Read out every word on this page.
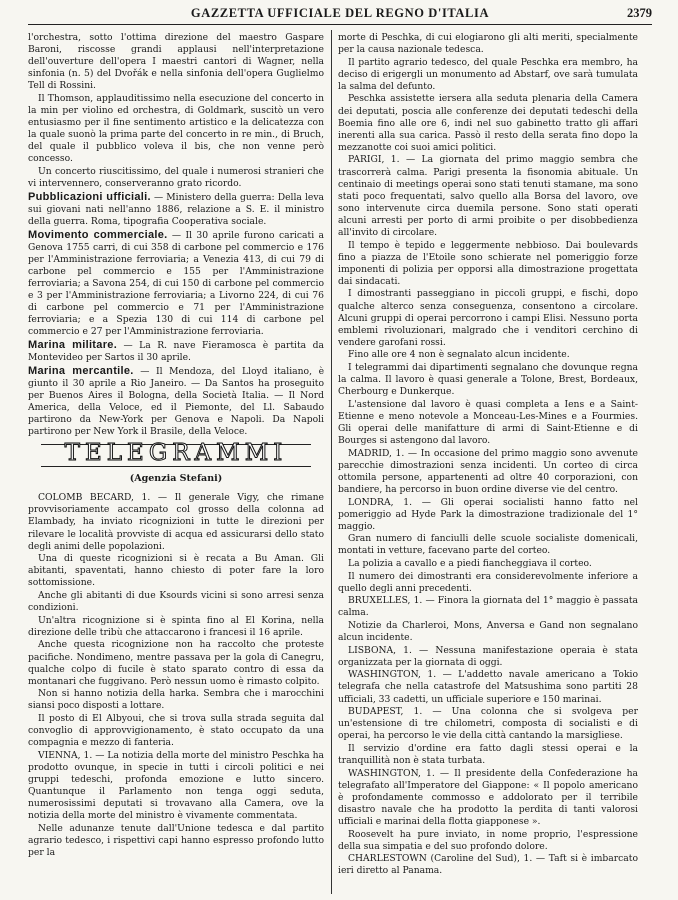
GAZZETTA UFFICIALE DEL REGNO D'ITALIA	2379

l'orchestra, sotto l'ottima direzione del maestro Gaspare Baroni, riscosse grandi applausi nell'interpretazione dell'ouverture dell'opera I maestri cantori di Wagner, nella sinfonia (n. 5) del Dvořák e nella sinfonia dell'opera Guglielmo Tell di Rossini.

Il Thomson, applauditissimo nella esecuzione del concerto in la min per violino ed orchestra, di Goldmark, suscitò un vero entusiasmo per il fine sentimento artistico e la delicatezza con la quale suonò la prima parte del concerto in re min., di Bruch, del quale il pubblico voleva il bis, che non venne però concesso.

Un concerto riuscitissimo, del quale i numerosi stranieri che vi intervennero, conserveranno grato ricordo.

Pubblicazioni ufficiali. — Ministero della guerra: Della leva sui giovani nati nell'anno 1886, relazione a S. E. il ministro della guerra. Roma, tipografia Cooperativa sociale.

Movimento commerciale. — Il 30 aprile furono caricati a Genova 1755 carri, di cui 358 di carbone pel commercio e 176 per l'Amministrazione ferroviaria; a Venezia 413, di cui 79 di carbone pel commercio e 155 per l'Amministrazione ferroviaria; a Savona 254, di cui 150 di carbone pel commercio e 3 per l'Amministrazione ferroviaria; a Livorno 224, di cui 76 di carbone pel commercio e 71 per l'Amministrazione ferroviaria; e a Spezia 130 di cui 114 di carbone pel commercio e 27 per l'Amministrazione ferroviaria.

Marina militare. — La R. nave Fieramosca è partita da Montevideo per Sartos il 30 aprile.

Marina mercantile. — Il Mendoza, del Lloyd italiano, è giunto il 30 aprile a Rio Janeiro. — Da Santos ha proseguito per Buenos Aires il Bologna, della Società Italia. — Il Nord America, della Veloce, ed il Piemonte, del Ll. Sabaudo partirono da New-York per Genova e Napoli. Da Napoli partirono per New York il Brasile, della Veloce.

TELEGRAMMI
(Agenzia Stefani)

COLOMB BECARD, 1. — Il generale Vigy, che rimane provvisoriamente accampato col grosso della colonna ad Elambady, ha inviato ricognizioni in tutte le direzioni per rilevare le località provviste di acqua ed assicurarsi dello stato degli animi delle popolazioni.

Una di queste ricognizioni si è recata a Bu Aman. Gli abitanti, spaventati, hanno chiesto di poter fare la loro sottomissione.

Anche gli abitanti di due Ksourds vicini si sono arresi senza condizioni.

Un'altra ricognizione si è spinta fino al El Korina, nella direzione delle tribù che attaccarono i francesi il 16 aprile.

Anche questa ricognizione non ha raccolto che proteste pacifiche. Nondimeno, mentre passava per la gola di Canegru, qualche colpo di fucile è stato sparato contro di essa da montanari che fuggivano. Però nessun uomo è rimasto colpito.

Non si hanno notizia della harka. Sembra che i marocchini siansi poco disposti a lottare.

Il posto di El Albyoui, che si trova sulla strada seguita dal convoglio di approvvigionamento, è stato occupato da una compagnia e mezzo di fanteria.

VIENNA, 1. — La notizia della morte del ministro Peschka ha prodotto ovunque, in specie in tutti i circoli politici e nei gruppi tedeschi, profonda emozione e lutto sincero. Quantunque il Parlamento non tenga oggi seduta, numerosissimi deputati si trovavano alla Camera, ove la notizia della morte del ministro è vivamente commentata.

Nelle adunanze tenute dall'Unione tedesca e dal partito agrario tedesco, i rispettivi capi hanno espresso profondo lutto per la

morte di Peschka, di cui elogiarono gli alti meriti, specialmente per la causa nazionale tedesca.

Il partito agrario tedesco, del quale Peschka era membro, ha deciso di erigergli un monumento ad Abstarf, ove sarà tumulata la salma del defunto.

Peschka assistette iersera alla seduta plenaria della Camera dei deputati, poscia alle conferenze dei deputati tedeschi della Boemia fino alle ore 6, indi nel suo gabinetto tratto gli affari inerenti alla sua carica. Passò il resto della serata fino dopo la mezzanotte coi suoi amici politici.

PARIGI, 1. — La giornata del primo maggio sembra che trascorrerà calma. Parigi presenta la fisonomia abituale. Un centinaio di meetings operai sono stati tenuti stamane, ma sono stati poco frequentati, salvo quello alla Borsa del lavoro, ove sono intervenute circa duemila persone. Sono stati operati alcuni arresti per porto di armi proibite o per disobbedienza all'invito di circolare.

Il tempo è tepido e leggermente nebbioso. Dai boulevards fino a piazza de l'Etoile sono schierate nel pomeriggio forze imponenti di polizia per opporsi alla dimostrazione progettata dai sindacati.

I dimostranti passeggiano in piccoli gruppi, e fischi, dopo qualche alterco senza conseguenza, consentono a circolare. Alcuni gruppi di operai percorrono i campi Elisi. Nessuno porta emblemi rivoluzionari, malgrado che i venditori cerchino di vendere garofani rossi.

Fino alle ore 4 non è segnalato alcun incidente.

I telegrammi dai dipartimenti segnalano che dovunque regna la calma. Il lavoro è quasi generale a Tolone, Brest, Bordeaux, Cherbourg e Dunkerque.

L'astensione dal lavoro è quasi completa a Iens e a Saint-Etienne e meno notevole a Monceau-Les-Mines e a Fourmies. Gli operai delle manifatture di armi di Saint-Etienne e di Bourges si astengono dal lavoro.

MADRID, 1. — In occasione del primo maggio sono avvenute parecchie dimostrazioni senza incidenti. Un corteo di circa ottomila persone, appartenenti ad oltre 40 corporazioni, con bandiere, ha percorso in buon ordine diverse vie del centro.

LONDRA, 1. — Gli operai socialisti hanno fatto nel pomeriggio ad Hyde Park la dimostrazione tradizionale del 1° maggio.

Gran numero di fanciulli delle scuole socialiste domenicali, montati in vetture, facevano parte del corteo.

La polizia a cavallo e a piedi fiancheggiava il corteo.

Il numero dei dimostranti era considerevolmente inferiore a quello degli anni precedenti.

BRUXELLES, 1. — Finora la giornata del 1° maggio è passata calma.

Notizie da Charleroi, Mons, Anversa e Gand non segnalano alcun incidente.

LISBONA, 1. — Nessuna manifestazione operaia è stata organizzata per la giornata di oggi.

WASHINGTON, 1. — L'addetto navale americano a Tokio telegrafa che nella catastrofe del Matsushima sono partiti 28 ufficiali, 33 cadetti, un ufficiale superiore e 150 marinai.

BUDAPEST, 1. — Una colonna che si svolgeva per un'estensione di tre chilometri, composta di socialisti e di operai, ha percorso le vie della città cantando la marsigliese.

Il servizio d'ordine era fatto dagli stessi operai e la tranquillità non è stata turbata.

WASHINGTON, 1. — Il presidente della Confederazione ha telegrafato all'Imperatore del Giappone: « Il popolo americano è profondamente commosso e addolorato per il terribile disastro navale che ha prodotto la perdita di tanti valorosi ufficiali e marinai della flotta giapponese ».

Roosevelt ha pure inviato, in nome proprio, l'espressione della sua simpatia e del suo profondo dolore.

CHARLESTOWN (Caroline del Sud), 1. — Taft si è imbarcato ieri diretto al Panama.
